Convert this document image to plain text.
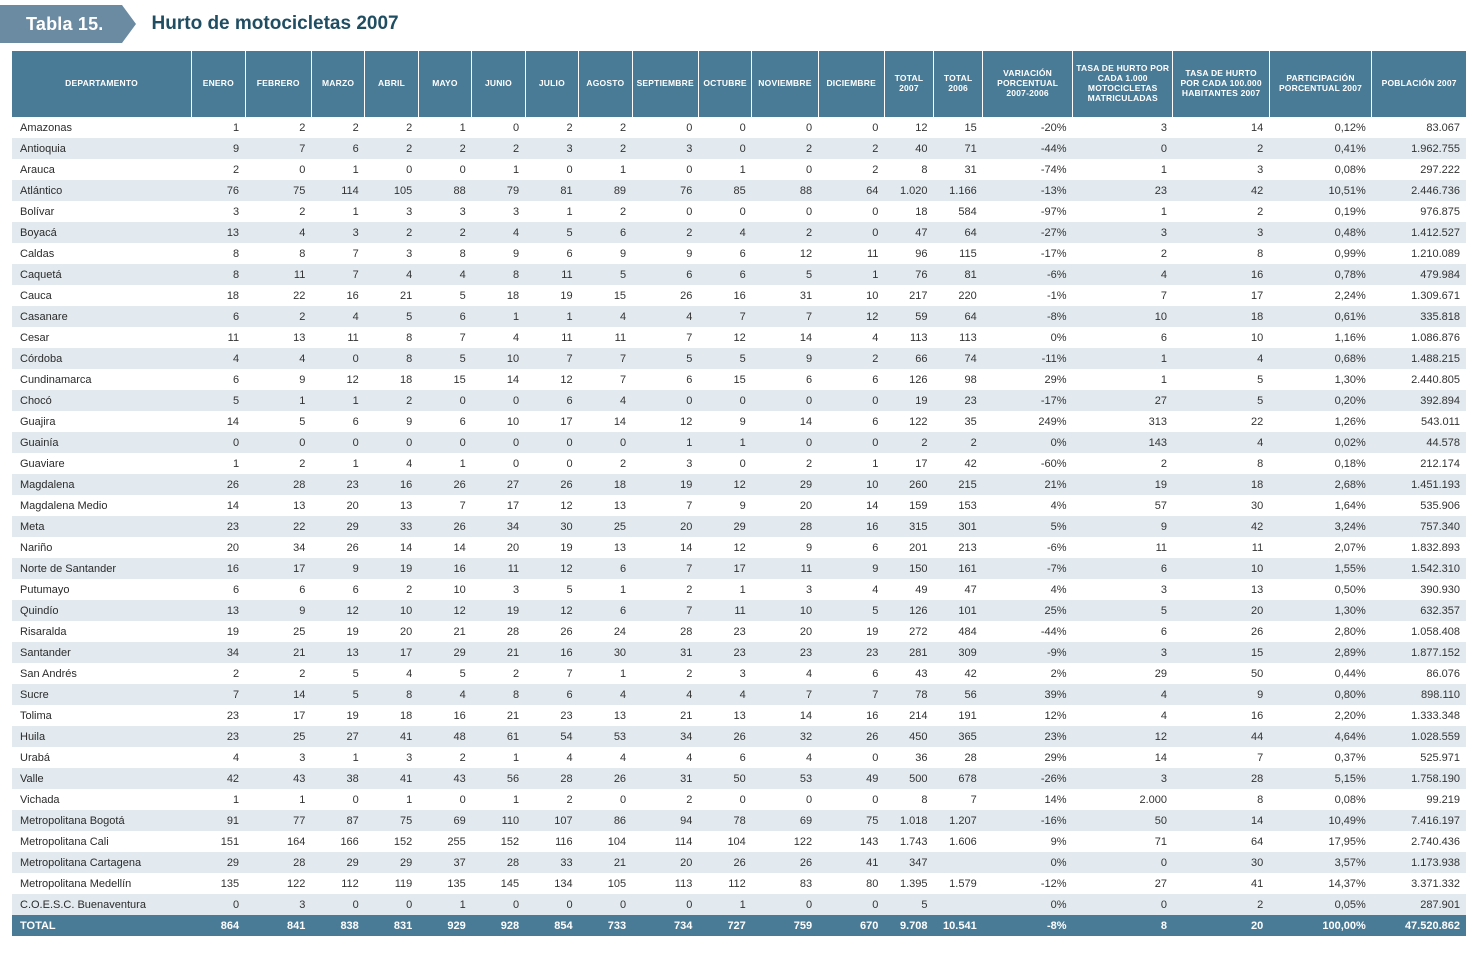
Tabla 15.	Hurto de motocicletas 2007
DEPARTAMENTO	ENERO	FEBRERO	MARZO	ABRIL	MAYO	JUNIO	JULIO	AGOSTO	SEPTIEMBRE	OCTUBRE	NOVIEMBRE	DICIEMBRE	TOTAL 2007	TOTAL 2006	VARIACIÓN PORCENTUAL 2007-2006	TASA DE HURTO POR CADA 1.000 MOTOCICLETAS MATRICULADAS	TASA DE HURTO POR CADA 100.000 HABITANTES 2007	PARTICIPACIÓN PORCENTUAL 2007	POBLACIÓN 2007
Amazonas	1	2	2	2	1	0	2	2	0	0	0	0	12	15	-20%	3	14	0,12%	83.067
Antioquia	9	7	6	2	2	2	3	2	3	0	2	2	40	71	-44%	0	2	0,41%	1.962.755
Arauca	2	0	1	0	0	1	0	1	0	1	0	2	8	31	-74%	1	3	0,08%	297.222
Atlántico	76	75	114	105	88	79	81	89	76	85	88	64	1.020	1.166	-13%	23	42	10,51%	2.446.736
Bolívar	3	2	1	3	3	3	1	2	0	0	0	0	18	584	-97%	1	2	0,19%	976.875
Boyacá	13	4	3	2	2	4	5	6	2	4	2	0	47	64	-27%	3	3	0,48%	1.412.527
Caldas	8	8	7	3	8	9	6	9	9	6	12	11	96	115	-17%	2	8	0,99%	1.210.089
Caquetá	8	11	7	4	4	8	11	5	6	6	5	1	76	81	-6%	4	16	0,78%	479.984
Cauca	18	22	16	21	5	18	19	15	26	16	31	10	217	220	-1%	7	17	2,24%	1.309.671
Casanare	6	2	4	5	6	1	1	4	4	7	7	12	59	64	-8%	10	18	0,61%	335.818
Cesar	11	13	11	8	7	4	11	11	7	12	14	4	113	113	0%	6	10	1,16%	1.086.876
Córdoba	4	4	0	8	5	10	7	7	5	5	9	2	66	74	-11%	1	4	0,68%	1.488.215
Cundinamarca	6	9	12	18	15	14	12	7	6	15	6	6	126	98	29%	1	5	1,30%	2.440.805
Chocó	5	1	1	2	0	0	6	4	0	0	0	0	19	23	-17%	27	5	0,20%	392.894
Guajira	14	5	6	9	6	10	17	14	12	9	14	6	122	35	249%	313	22	1,26%	543.011
Guainía	0	0	0	0	0	0	0	0	1	1	0	0	2	2	0%	143	4	0,02%	44.578
Guaviare	1	2	1	4	1	0	0	2	3	0	2	1	17	42	-60%	2	8	0,18%	212.174
Magdalena	26	28	23	16	26	27	26	18	19	12	29	10	260	215	21%	19	18	2,68%	1.451.193
Magdalena Medio	14	13	20	13	7	17	12	13	7	9	20	14	159	153	4%	57	30	1,64%	535.906
Meta	23	22	29	33	26	34	30	25	20	29	28	16	315	301	5%	9	42	3,24%	757.340
Nariño	20	34	26	14	14	20	19	13	14	12	9	6	201	213	-6%	11	11	2,07%	1.832.893
Norte de Santander	16	17	9	19	16	11	12	6	7	17	11	9	150	161	-7%	6	10	1,55%	1.542.310
Putumayo	6	6	6	2	10	3	5	1	2	1	3	4	49	47	4%	3	13	0,50%	390.930
Quindío	13	9	12	10	12	19	12	6	7	11	10	5	126	101	25%	5	20	1,30%	632.357
Risaralda	19	25	19	20	21	28	26	24	28	23	20	19	272	484	-44%	6	26	2,80%	1.058.408
Santander	34	21	13	17	29	21	16	30	31	23	23	23	281	309	-9%	3	15	2,89%	1.877.152
San Andrés	2	2	5	4	5	2	7	1	2	3	4	6	43	42	2%	29	50	0,44%	86.076
Sucre	7	14	5	8	4	8	6	4	4	4	7	7	78	56	39%	4	9	0,80%	898.110
Tolima	23	17	19	18	16	21	23	13	21	13	14	16	214	191	12%	4	16	2,20%	1.333.348
Huila	23	25	27	41	48	61	54	53	34	26	32	26	450	365	23%	12	44	4,64%	1.028.559
Urabá	4	3	1	3	2	1	4	4	4	6	4	0	36	28	29%	14	7	0,37%	525.971
Valle	42	43	38	41	43	56	28	26	31	50	53	49	500	678	-26%	3	28	5,15%	1.758.190
Vichada	1	1	0	1	0	1	2	0	2	0	0	0	8	7	14%	2.000	8	0,08%	99.219
Metropolitana Bogotá	91	77	87	75	69	110	107	86	94	78	69	75	1.018	1.207	-16%	50	14	10,49%	7.416.197
Metropolitana Cali	151	164	166	152	255	152	116	104	114	104	122	143	1.743	1.606	9%	71	64	17,95%	2.740.436
Metropolitana Cartagena	29	28	29	29	37	28	33	21	20	26	26	41	347		0%	0	30	3,57%	1.173.938
Metropolitana Medellín	135	122	112	119	135	145	134	105	113	112	83	80	1.395	1.579	-12%	27	41	14,37%	3.371.332
C.O.E.S.C. Buenaventura	0	3	0	0	1	0	0	0	0	1	0	0	5		0%	0	2	0,05%	287.901
TOTAL	864	841	838	831	929	928	854	733	734	727	759	670	9.708	10.541	-8%	8	20	100,00%	47.520.862
